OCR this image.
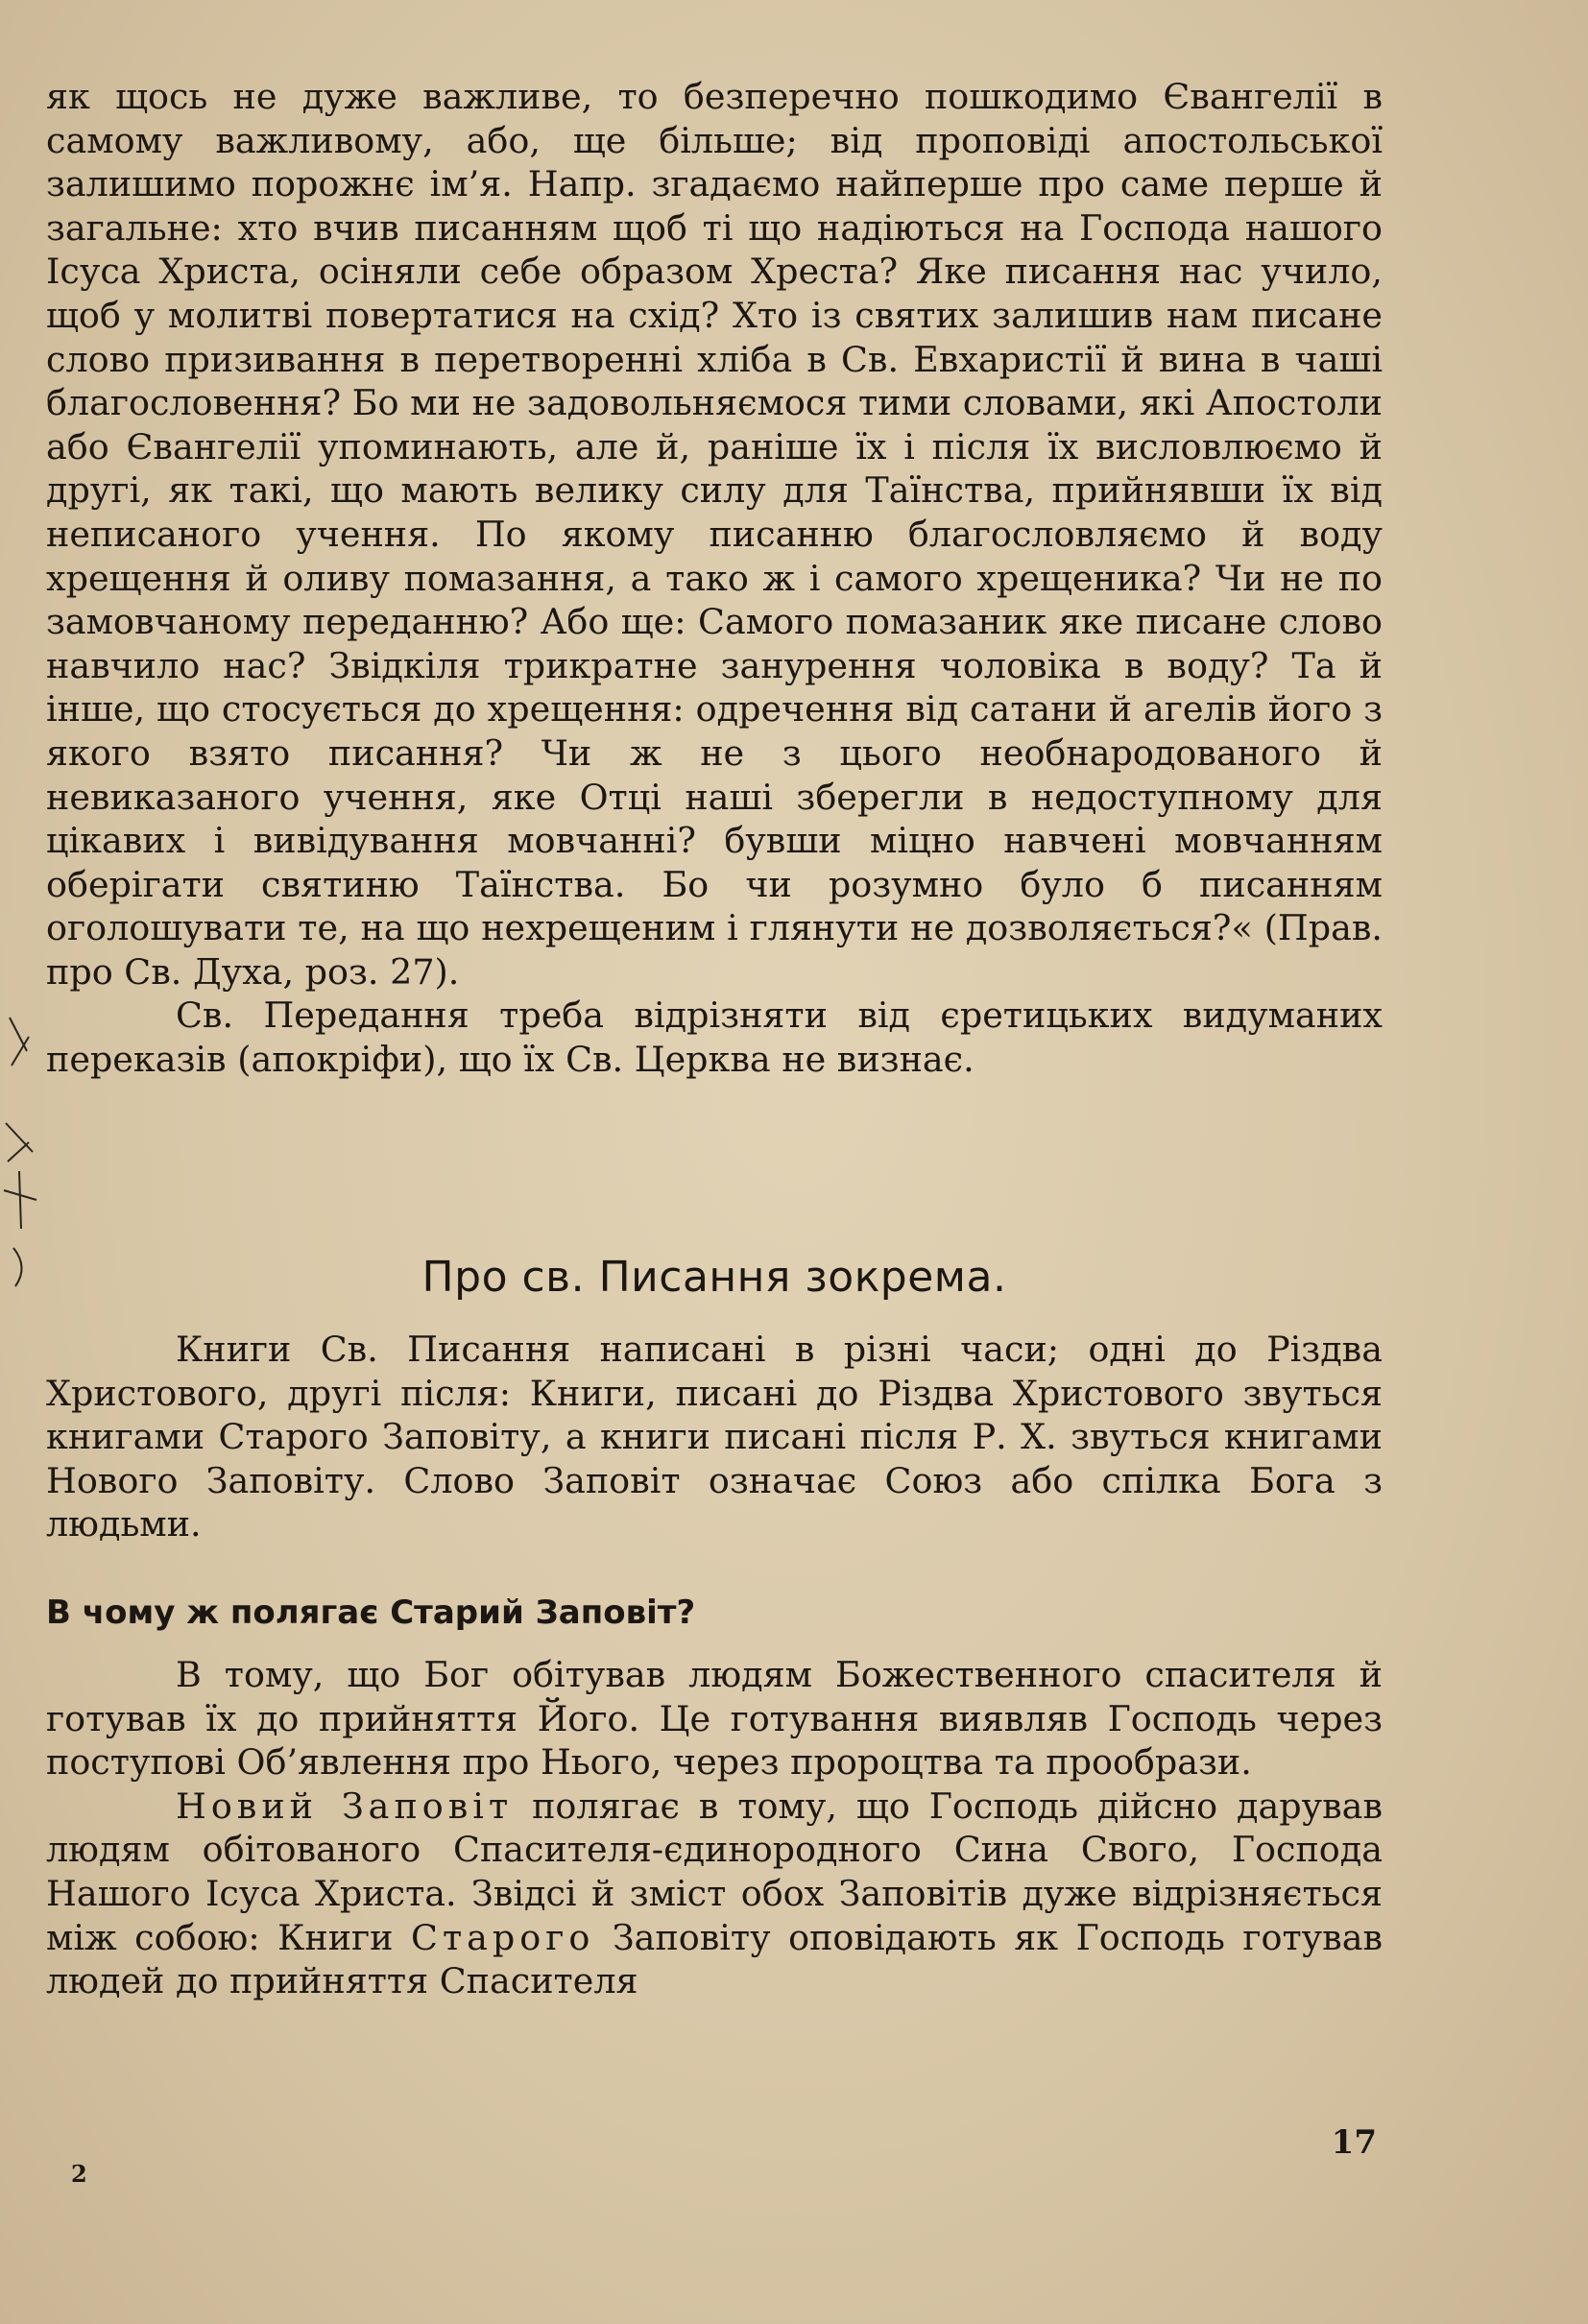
як щось не дуже важливе, то безперечно пошкодимо Євангелії в самому важливому, або, ще більше; від проповіді апостольської залишимо порожнє ім’я. Напр. згадаємо найперше про саме перше й загальне: хто вчив писанням щоб ті що надіються на Господа нашого Ісуса Христа, осіняли себе образом Хреста? Яке писання нас учило, щоб у молитві повертатися на схід? Хто із святих залишив нам писане слово призивання в перетворенні хліба в Св. Евхаристії й вина в чаші благословення? Бо ми не задовольняємося тими словами, які Апостоли або Євангелії упоминають, але й, раніше їх і після їх висловлюємо й другі, як такі, що мають велику силу для Таїнства, прийнявши їх від неписаного учення. По якому писанню благословляємо й воду хрещення й оливу помазання, а тако ж і самого хрещеника? Чи не по замовчаному переданню? Або ще: Самого помазаник яке писане слово навчило нас? Звідкіля трикратне занурення чоловіка в воду? Та й інше, що стосується до хрещення: одречення від сатани й агелів його з якого взято писання? Чи ж не з цього необнародованого й невиказаного учення, яке Отці наші зберегли в недоступному для цікавих і вивідування мовчанні? бувши міцно навчені мовчанням оберігати святиню Таїнства. Бо чи розумно було б писанням оголошувати те, на що нехрещеним і глянути не дозволяється?« (Прав. про Св. Духа, роз. 27).

Св. Передання треба відрізняти від єретицьких видуманих переказів (апокріфи), що їх Св. Церква не визнає.

Про св. Писання зокрема.

Книги Св. Писання написані в різні часи; одні до Різдва Христового, другі після: Книги, писані до Різдва Христового звуться книгами Старого Заповіту, а книги писані після Р. Х. звуться книгами Нового Заповіту. Слово Заповіт означає Союз або спілка Бога з людьми.

В чому ж полягає Старий Заповіт?

В тому, що Бог обітував людям Божественного спасителя й готував їх до прийняття Його. Це готування виявляв Господь через поступові Об’явлення про Нього, через пророцтва та прообрази.

Новий Заповіт полягає в тому, що Господь дійсно дарував людям обітованого Спасителя-єдинородного Сина Свого, Господа Нашого Ісуса Христа. Звідсі й зміст обох Заповітів дуже відрізняється між собою: Книги Старого Заповіту оповідають як Господь готував людей до прийняття Спасителя

2
17
